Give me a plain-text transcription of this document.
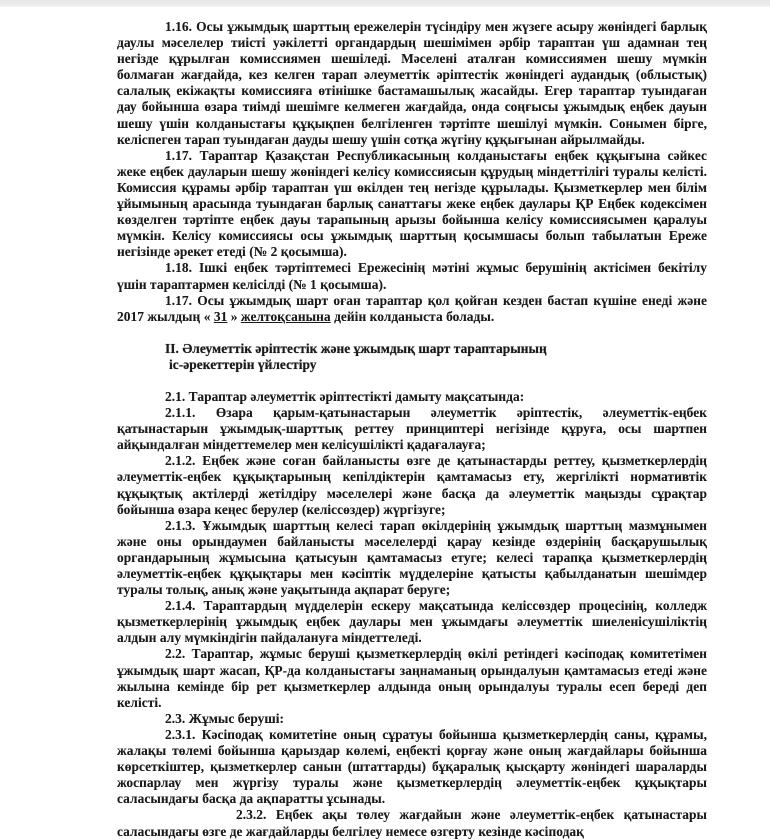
1.16. Осы ұжымдық шарттың ережелерін түсіндіру мен жүзеге асыру жөніндегі барлық даулы мәселелер тиісті уәкілетті органдардың шешімімен әрбір тараптан үш адамнан тең негізде құрылған комиссиямен шешіледі. Мәселені аталған комиссиямен шешу мүмкін болмаған жағдайда, кез келген тарап әлеуметтік әріптестік жөніндегі аудандық (облыстық) салалық екіжақты комиссияға өтінішке бастамашылық жасайды. Егер тараптар туындаған дау бойынша өзара тиімді шешімге келмеген жағдайда, онда соңғысы ұжымдық еңбек дауын шешу үшін колданыстағы құқықпен белгіленген тәртіпте шешілуі мүмкін. Сонымен бірге, келіспеген тарап туындаған дауды шешу үшін сотқа жүгіну құқығынан айрылмайды.

1.17. Тараптар Қазақстан Республикасының колданыстағы еңбек құқығына сәйкес жеке еңбек дауларын шешу жөніндегі келісу комиссиясын құрудың міндеттілігі туралы келісті. Комиссия құрамы әрбір тараптан үш өкілден тең негізде құрылады. Қызметкерлер мен білім ұйымының арасында туындаған барлық санаттағы жеке еңбек даулары ҚР Еңбек кодексімен көзделген тәртіпте еңбек дауы тарапының арызы бойынша келісу комиссиясымен қаралуы мүмкін. Келісу комиссиясы осы ұжымдық шарттың қосымшасы болып табылатын Ереже негізінде әрекет етеді (№ 2 қосымша).

1.18. Ішкі еңбек тәртіптемесі Ережесінің мәтіні жұмыс берушінің актісімен бекітілу үшін тараптармен келісілді (№ 1 қосымша).

1.17. Осы ұжымдық шарт оған тараптар қол қойған кезден бастап күшіне енеді және 2017 жылдың « 31 » желтоқсанына дейін колданыста болады.

II. Әлеуметтік әріптестік және ұжымдық шарт тараптарының
іс-әрекеттерін үйлестіру

2.1. Тараптар әлеуметтік әріптестікті дамыту мақсатында:

2.1.1. Өзара қарым-қатынастарын әлеуметтік әріптестік, әлеуметтік-еңбек қатынастарын ұжымдық-шарттық реттеу принциптері негізінде құруға, осы шартпен айқындалған міндеттемелер мен келісушілікті қадағалауға;

2.1.2. Еңбек және соған байланысты өзге де қатынастарды реттеу, қызметкерлердің әлеуметтік-еңбек құқықтарының кепілдіктерін қамтамасыз ету, жергілікті нормативтік құқықтық актілерді жетілдіру мәселелері және басқа да әлеуметтік маңызды сұрақтар бойынша өзара кеңес берулер (келіссөздер) жүргізуге;

2.1.3. Ұжымдық шарттың келесі тарап өкілдерінің ұжымдық шарттың мазмұнымен және оны орындаумен байланысты мәселелерді қарау кезінде өздерінің басқарушылық органдарының жұмысына қатысуын қамтамасыз етуге; келесі тарапқа қызметкерлердің әлеуметтік-еңбек құқықтары мен кәсіптік мүдделеріне қатысты қабылданатын шешімдер туралы толық, анық және уақытында ақпарат беруге;

2.1.4. Тараптардың мүдделерін ескеру мақсатында келіссөздер процесінің, колледж қызметкерлерінің ұжымдық еңбек даулары мен ұжымдағы әлеуметтік шиеленісушіліктің алдын алу мүмкіндігін пайдалануға міндеттеледі.

2.2. Тараптар, жұмыс беруші қызметкерлердің өкілі ретіндегі кәсіподақ комитетімен ұжымдық шарт жасап, ҚР-да колданыстағы заңнаманың орындалуын қамтамасыз етеді және жылына кемінде бір рет қызметкерлер алдында оның орындалуы туралы есеп береді деп келісті.

2.3. Жұмыс беруші:

2.3.1. Кәсіподақ комитетіне оның сұратуы бойынша қызметкерлердің саны, құрамы, жалақы төлемі бойынша қарыздар көлемі, еңбекті қорғау және оның жағдайлары бойынша көрсеткіштер, қызметкерлер санын (штаттарды) бұқаралық қысқарту жөніндегі шараларды жоспарлау мен жүргізу туралы және қызметкерлердің әлеуметтік-еңбек құқықтары саласындағы басқа да ақпаратты ұсынады.

2.3.2. Еңбек ақы төлеу жағдайын және әлеуметтік-еңбек қатынастары саласындағы өзге де жағдайларды белгілеу немесе өзгерту кезінде кәсіподақ
